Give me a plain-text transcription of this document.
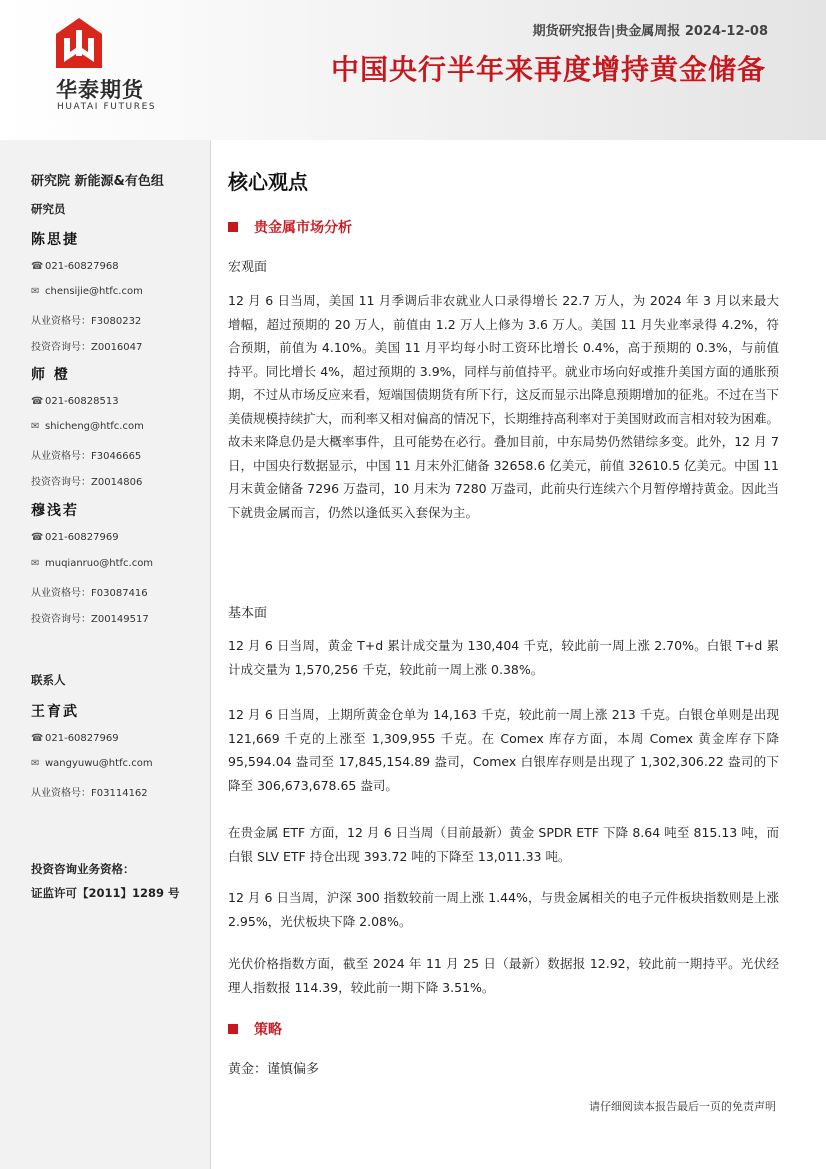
华泰期货
HUATAI FUTURES
期货研究报告|贵金属周报 2024-12-08
中国央行半年来再度增持黄金储备
研究院 新能源&有色组
研究员
陈思捷
☎ 021-60827968
✉ chensijie@htfc.com
从业资格号：F3080232
投资咨询号：Z0016047
师 橙
☎ 021-60828513
✉ shicheng@htfc.com
从业资格号：F3046665
投资咨询号：Z0014806
穆浅若
☎ 021-60827969
✉ muqianruo@htfc.com
从业资格号：F03087416
投资咨询号：Z00149517
联系人
王育武
☎ 021-60827969
✉ wangyuwu@htfc.com
从业资格号：F03114162
投资咨询业务资格：
证监许可【2011】1289 号
核心观点
贵金属市场分析
宏观面
12 月 6 日当周，美国 11 月季调后非农就业人口录得增长 22.7 万人，为 2024 年 3 月以来最大增幅，超过预期的 20 万人，前值由 1.2 万人上修为 3.6 万人。美国 11 月失业率录得 4.2%，符合预期，前值为 4.10%。美国 11 月平均每小时工资环比增长 0.4%，高于预期的 0.3%，与前值持平。同比增长 4%，超过预期的 3.9%，同样与前值持平。就业市场向好或推升美国方面的通胀预期，不过从市场反应来看，短端国债期货有所下行，这反而显示出降息预期增加的征兆。不过在当下美债规模持续扩大，而利率又相对偏高的情况下，长期维持高利率对于美国财政而言相对较为困难。故未来降息仍是大概率事件，且可能势在必行。叠加目前，中东局势仍然错综多变。此外，12 月 7 日，中国央行数据显示，中国 11 月末外汇储备 32658.6 亿美元，前值 32610.5 亿美元。中国 11 月末黄金储备 7296 万盎司，10 月末为 7280 万盎司，此前央行连续六个月暂停增持黄金。因此当下就贵金属而言，仍然以逢低买入套保为主。
基本面
12 月 6 日当周，黄金 T+d 累计成交量为 130,404 千克，较此前一周上涨 2.70%。白银 T+d 累计成交量为 1,570,256 千克，较此前一周上涨 0.38%。
12 月 6 日当周，上期所黄金仓单为 14,163 千克，较此前一周上涨 213 千克。白银仓单则是出现 121,669 千克的上涨至 1,309,955 千克。在 Comex 库存方面，本周 Comex 黄金库存下降 95,594.04 盎司至 17,845,154.89 盎司，Comex 白银库存则是出现了 1,302,306.22 盎司的下降至 306,673,678.65 盎司。
在贵金属 ETF 方面，12 月 6 日当周（目前最新）黄金 SPDR ETF 下降 8.64 吨至 815.13 吨，而白银 SLV ETF 持仓出现 393.72 吨的下降至 13,011.33 吨。
12 月 6 日当周，沪深 300 指数较前一周上涨 1.44%，与贵金属相关的电子元件板块指数则是上涨 2.95%，光伏板块下降 2.08%。
光伏价格指数方面，截至 2024 年 11 月 25 日（最新）数据报 12.92，较此前一期持平。光伏经理人指数报 114.39，较此前一期下降 3.51%。
策略
黄金：谨慎偏多
请仔细阅读本报告最后一页的免责声明
